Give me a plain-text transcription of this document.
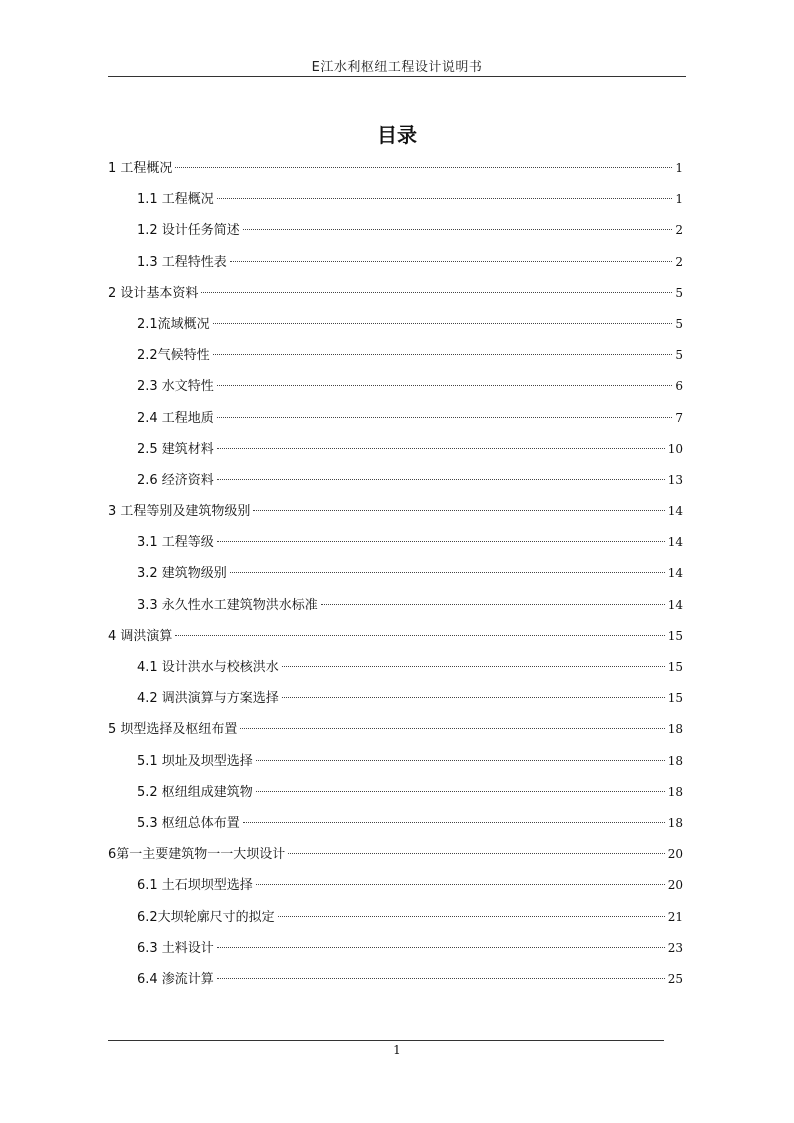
E江水利枢纽工程设计说明书
目录
1 工程概况	1
1.1 工程概况	1
1.2 设计任务简述	2
1.3 工程特性表	2
2 设计基本资料	5
2.1流域概况	5
2.2气候特性	5
2.3 水文特性	6
2.4 工程地质	7
2.5 建筑材料	10
2.6 经济资料	13
3 工程等别及建筑物级别	14
3.1 工程等级	14
3.2 建筑物级别	14
3.3 永久性水工建筑物洪水标准	14
4 调洪演算	15
4.1 设计洪水与校核洪水	15
4.2 调洪演算与方案选择	15
5 坝型选择及枢纽布置	18
5.1 坝址及坝型选择	18
5.2 枢纽组成建筑物	18
5.3 枢纽总体布置	18
6第一主要建筑物一一大坝设计	20
6.1 土石坝坝型选择	20
6.2大坝轮廓尺寸的拟定	21
6.3 土料设计	23
6.4 渗流计算	25
1
